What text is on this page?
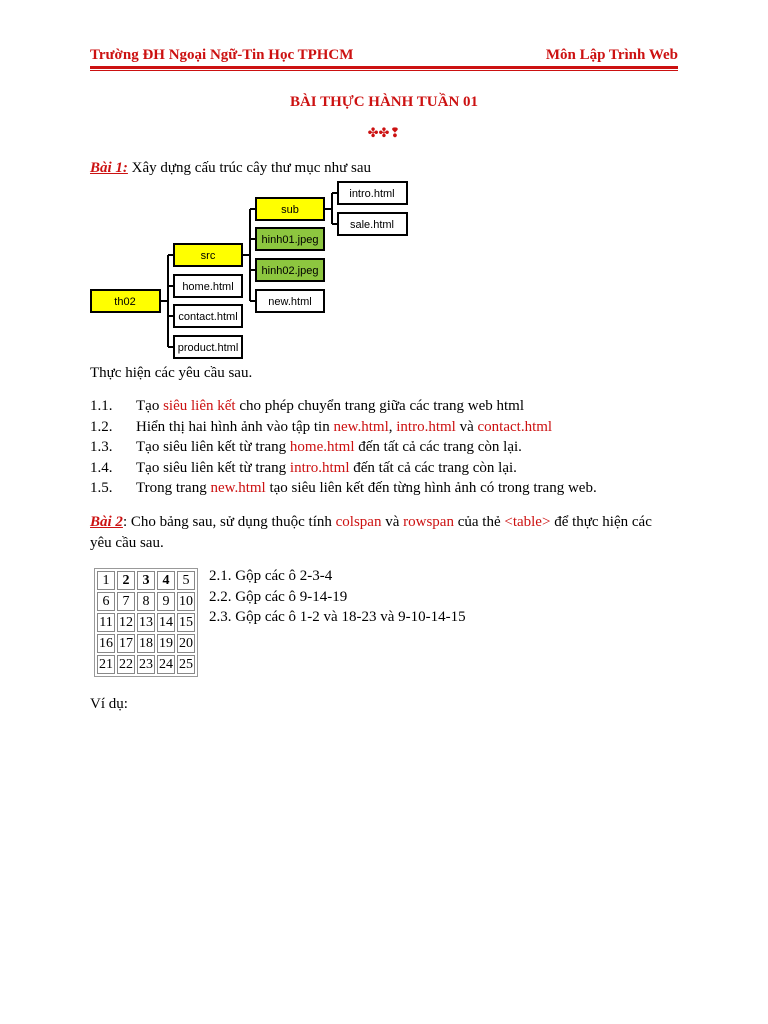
Trường ĐH Ngoại Ngữ-Tin Học TPHCM	Môn Lập Trình Web
BÀI THỰC HÀNH TUẦN 01
✤✤❢
Bài 1: Xây dựng cấu trúc cây thư mục như sau
th02
src
home.html
contact.html
product.html
sub
hinh01.jpeg
hinh02.jpeg
new.html
intro.html
sale.html
Thực hiện các yêu cầu sau.
1.1. Tạo siêu liên kết cho phép chuyển trang giữa các trang web html
1.2. Hiển thị hai hình ảnh vào tập tin new.html, intro.html và contact.html
1.3. Tạo siêu liên kết từ trang home.html đến tất cả các trang còn lại.
1.4. Tạo siêu liên kết từ trang intro.html đến tất cả các trang còn lại.
1.5. Trong trang new.html tạo siêu liên kết đến từng hình ảnh có trong trang web.
Bài 2: Cho bảng sau, sử dụng thuộc tính colspan và rowspan của thẻ <table> để thực hiện các
yêu cầu sau.
1	2	3	4	5
6	7	8	9	10
11	12	13	14	15
16	17	18	19	20
21	22	23	24	25
2.1. Gộp các ô 2-3-4
2.2. Gộp các ô 9-14-19
2.3. Gộp các ô 1-2 và 18-23 và 9-10-14-15
Ví dụ:
